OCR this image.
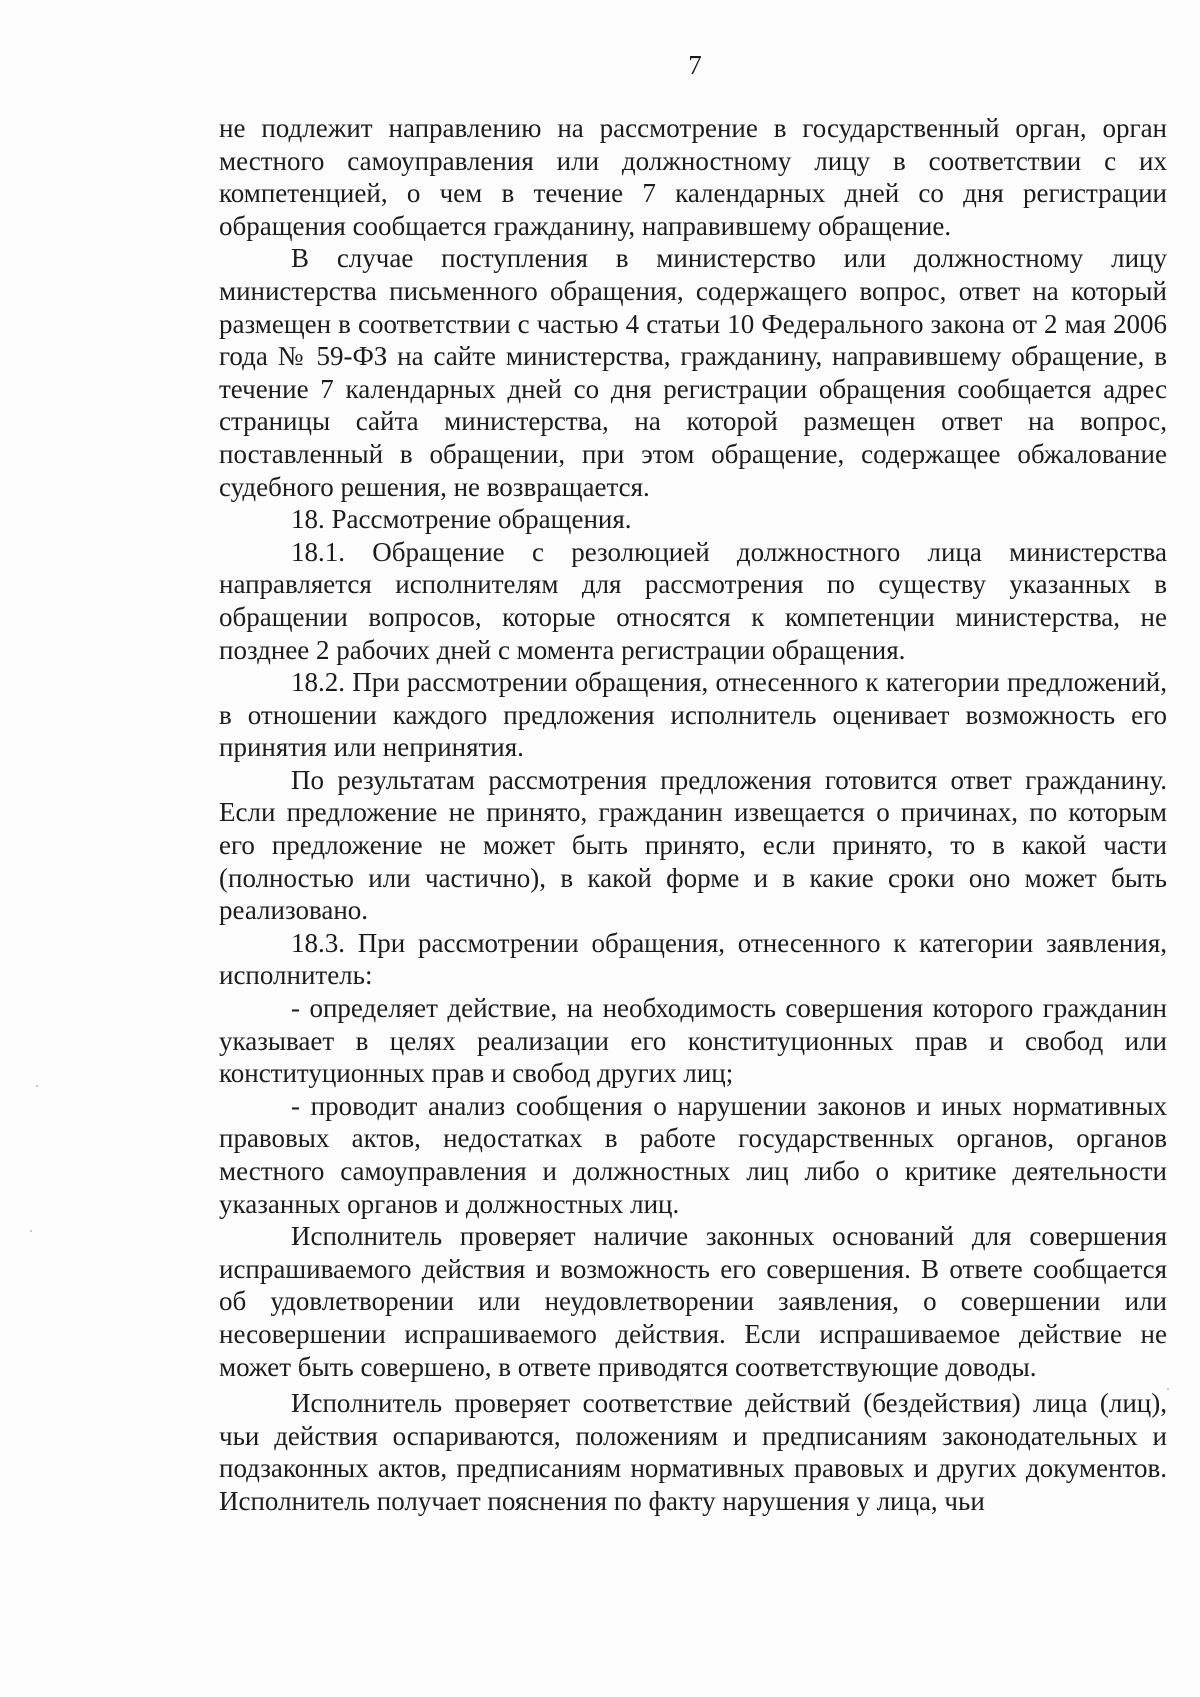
7

не подлежит направлению на рассмотрение в государственный орган, орган местного самоуправления или должностному лицу в соответствии с их компетенцией, о чем в течение 7 календарных дней со дня регистрации обращения сообщается гражданину, направившему обращение.

В случае поступления в министерство или должностному лицу министерства письменного обращения, содержащего вопрос, ответ на который размещен в соответствии с частью 4 статьи 10 Федерального закона от 2 мая 2006 года № 59-ФЗ на сайте министерства, гражданину, направившему обращение, в течение 7 календарных дней со дня регистрации обращения сообщается адрес страницы сайта министерства, на которой размещен ответ на вопрос, поставленный в обращении, при этом обращение, содержащее обжалование судебного решения, не возвращается.

18. Рассмотрение обращения.

18.1. Обращение с резолюцией должностного лица министерства направляется исполнителям для рассмотрения по существу указанных в обращении вопросов, которые относятся к компетенции министерства, не позднее 2 рабочих дней с момента регистрации обращения.

18.2. При рассмотрении обращения, отнесенного к категории предложений, в отношении каждого предложения исполнитель оценивает возможность его принятия или непринятия.

По результатам рассмотрения предложения готовится ответ гражданину. Если предложение не принято, гражданин извещается о причинах, по которым его предложение не может быть принято, если принято, то в какой части (полностью или частично), в какой форме и в какие сроки оно может быть реализовано.

18.3. При рассмотрении обращения, отнесенного к категории заявления, исполнитель:

- определяет действие, на необходимость совершения которого гражданин указывает в целях реализации его конституционных прав и свобод или конституционных прав и свобод других лиц;

- проводит анализ сообщения о нарушении законов и иных нормативных правовых актов, недостатках в работе государственных органов, органов местного самоуправления и должностных лиц либо о критике деятельности указанных органов и должностных лиц.

Исполнитель проверяет наличие законных оснований для совершения испрашиваемого действия и возможность его совершения. В ответе сообщается об удовлетворении или неудовлетворении заявления, о совершении или несовершении испрашиваемого действия. Если испрашиваемое действие не может быть совершено, в ответе приводятся соответствующие доводы.

Исполнитель проверяет соответствие действий (бездействия) лица (лиц), чьи действия оспариваются, положениям и предписаниям законодательных и подзаконных актов, предписаниям нормативных правовых и других документов. Исполнитель получает пояснения по факту нарушения у лица, чьи
